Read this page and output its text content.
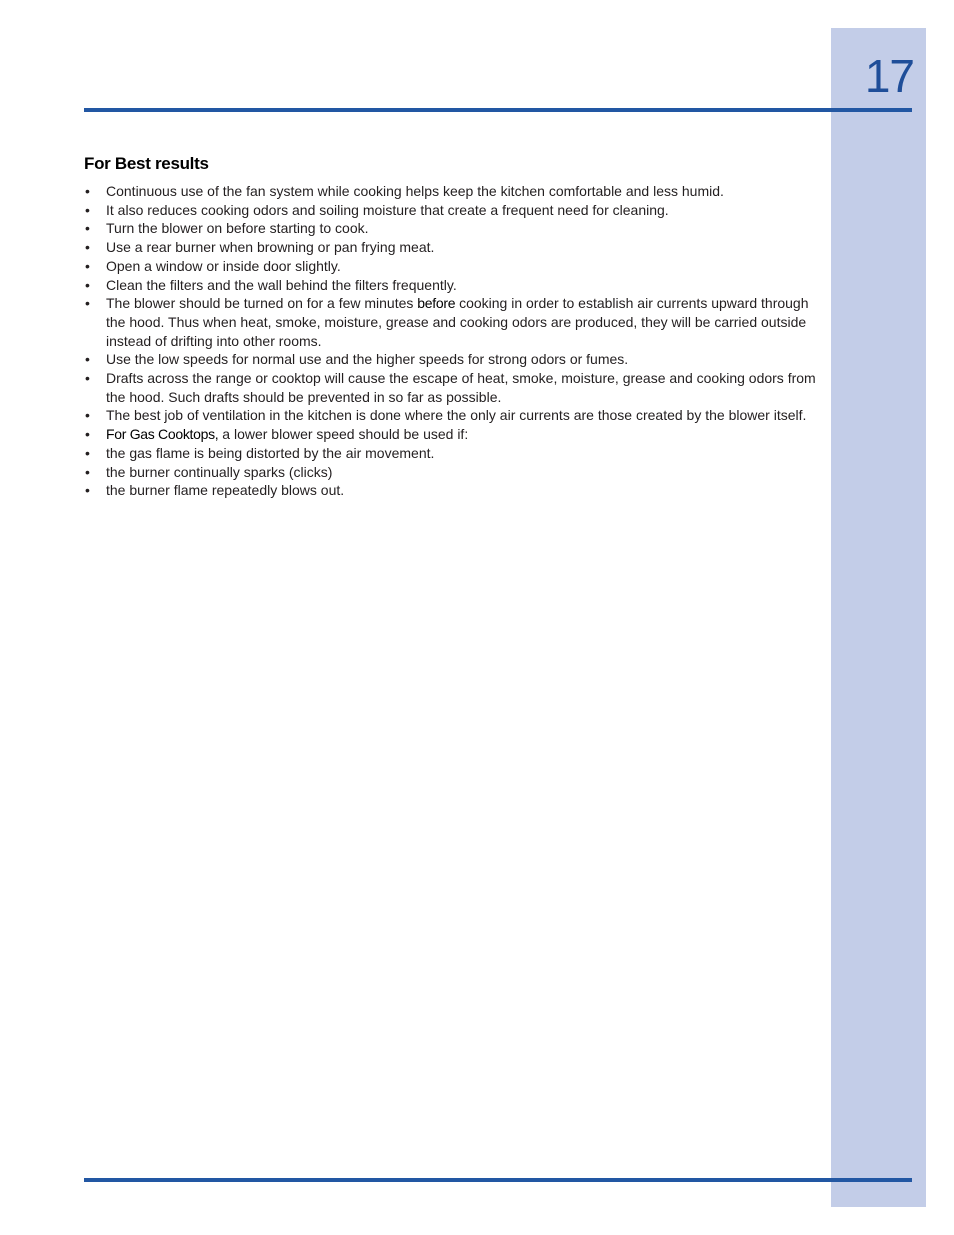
17
For Best results
• Continuous use of the fan system while cooking helps keep the kitchen comfortable and less humid.
• It also reduces cooking odors and soiling moisture that create a frequent need for cleaning.
• Turn the blower on before starting to cook.
• Use a rear burner when browning or pan frying meat.
• Open a window or inside door slightly.
• Clean the filters and the wall behind the filters frequently.
• The blower should be turned on for a few minutes before cooking in order to establish air currents upward through the hood. Thus when heat, smoke, moisture, grease and cooking odors are produced, they will be carried outside instead of drifting into other rooms.
• Use the low speeds for normal use and the higher speeds for strong odors or fumes.
• Drafts across the range or cooktop will cause the escape of heat, smoke, moisture, grease and cooking odors from the hood. Such drafts should be prevented in so far as possible.
• The best job of ventilation in the kitchen is done where the only air currents are those created by the blower itself.
• For Gas Cooktops, a lower blower speed should be used if:
• the gas flame is being distorted by the air movement.
• the burner continually sparks (clicks)
• the burner flame repeatedly blows out.
